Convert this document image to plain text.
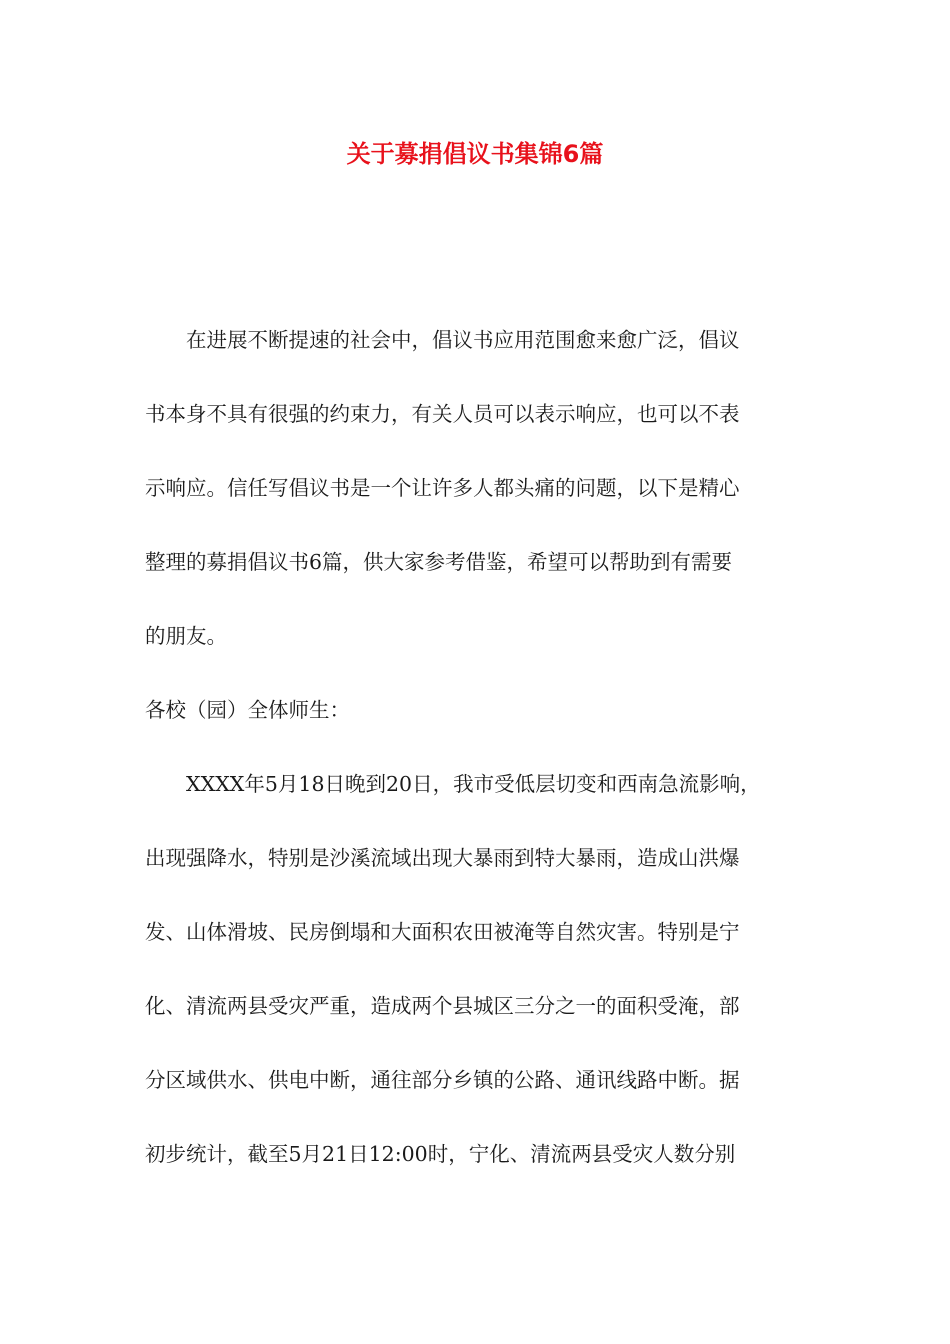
关于募捐倡议书集锦6篇
　　在进展不断提速的社会中，倡议书应用范围愈来愈广泛，倡议
书本身不具有很强的约束力，有关人员可以表示响应，也可以不表
示响应。信任写倡议书是一个让许多人都头痛的问题，以下是精心
整理的募捐倡议书6篇，供大家参考借鉴，希望可以帮助到有需要
的朋友。
各校（园）全体师生：
　　XXXX年5月18日晚到20日，我市受低层切变和西南急流影响，
出现强降水，特别是沙溪流域出现大暴雨到特大暴雨，造成山洪爆
发、山体滑坡、民房倒塌和大面积农田被淹等自然灾害。特别是宁
化、清流两县受灾严重，造成两个县城区三分之一的面积受淹，部
分区域供水、供电中断，通往部分乡镇的公路、通讯线路中断。据
初步统计，截至5月21日12:00时，宁化、清流两县受灾人数分别
